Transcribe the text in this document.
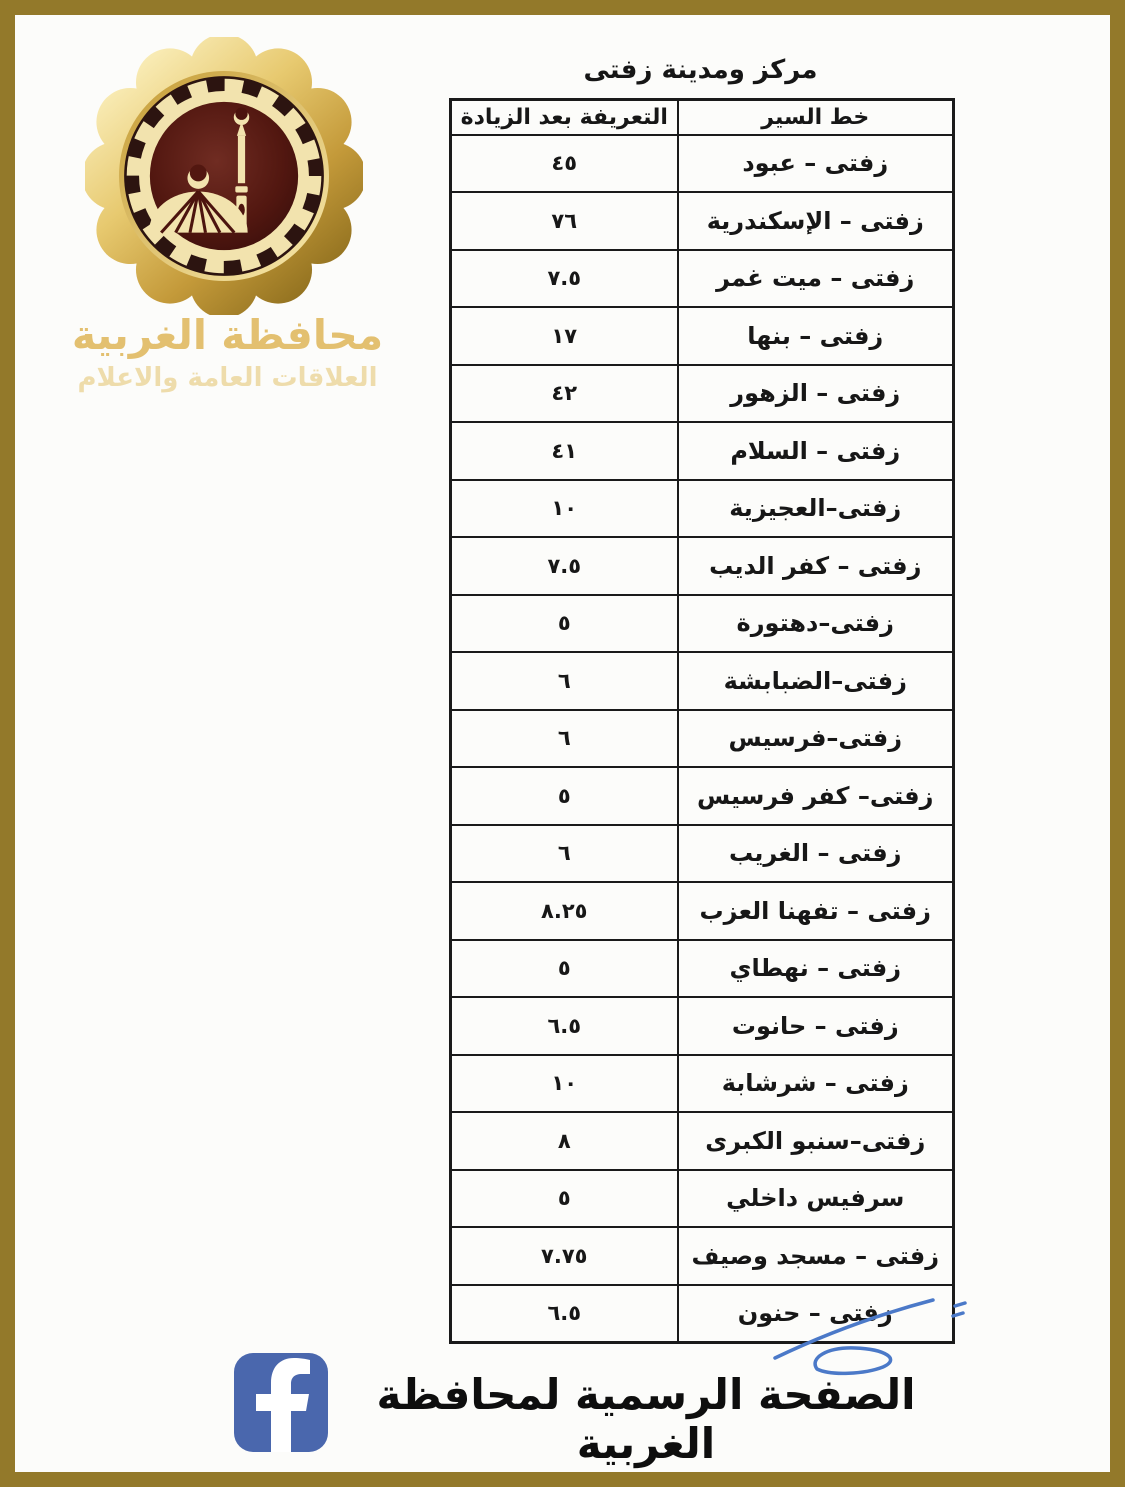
محافظة الغربية
العلاقات العامة والاعلام
مركز ومدينة زفتى
خط السير	التعريفة بعد الزيادة
زفتى – عبود	٤٥
زفتى – الإسكندرية	٧٦
زفتى – ميت غمر	٧.٥
زفتى – بنها	١٧
زفتى – الزهور	٤٢
زفتى – السلام	٤١
زفتى–العجيزية	١٠
زفتى – كفر الديب	٧.٥
زفتى–دهتورة	٥
زفتى–الضبابشة	٦
زفتى–فرسيس	٦
زفتى– كفر فرسيس	٥
زفتى – الغريب	٦
زفتى – تفهنا العزب	٨.٢٥
زفتى – نهطاي	٥
زفتى – حانوت	٦.٥
زفتى – شرشابة	١٠
زفتى–سنبو الكبرى	٨
سرفيس داخلي	٥
زفتى – مسجد وصيف	٧.٧٥
زفتى – حنون	٦.٥
الصفحة الرسمية لمحافظة الغربية
